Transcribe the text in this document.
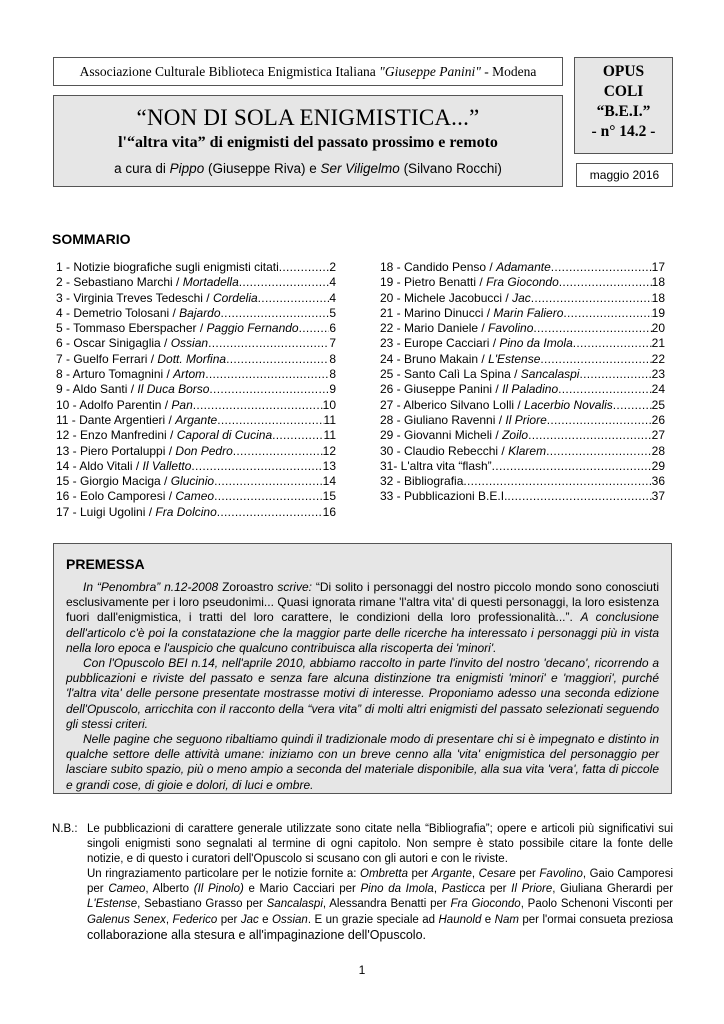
Associazione Culturale Biblioteca Enigmistica Italiana "Giuseppe Panini" - Modena
“NON DI SOLA ENIGMISTICA...”
l'“altra vita” di enigmisti del passato prossimo e remoto
a cura di Pippo (Giuseppe Riva) e Ser Viligelmo (Silvano Rocchi)
OPUS
COLI
“B.E.I.”
- n° 14.2 -
maggio 2016
SOMMARIO
1 - Notizie biografiche sugli enigmisti citati .....	2
2 - Sebastiano Marchi / Mortadella .....	4
3 - Virginia Treves Tedeschi / Cordelia .....	4
4 - Demetrio Tolosani / Bajardo .....	5
5 - Tommaso Eberspacher / Paggio Fernando .....	6
6 - Oscar Sinigaglia / Ossian .....	7
7 - Guelfo Ferrari / Dott. Morfina .....	8
8 - Arturo Tomagnini / Artom .....	8
9 - Aldo Santi / Il Duca Borso .....	9
10 - Adolfo Parentin / Pan .....	10
11 - Dante Argentieri / Argante .....	11
12 - Enzo Manfredini / Caporal di Cucina .....	11
13 - Piero Portaluppi / Don Pedro .....	12
14 - Aldo Vitali / Il Valletto .....	13
15 - Giorgio Maciga / Glucinio .....	14
16 - Eolo Camporesi / Cameo .....	15
17 - Luigi Ugolini / Fra Dolcino .....	16
18 - Candido Penso / Adamante .....	17
19 - Pietro Benatti / Fra Giocondo .....	18
20 - Michele Jacobucci / Jac .....	18
21 - Marino Dinucci / Marin Faliero .....	19
22 - Mario Daniele / Favolino .....	20
23 - Europe Cacciari / Pino da Imola .....	21
24 - Bruno Makain / L'Estense .....	22
25 - Santo Calì La Spina / Sancalaspi .....	23
26 - Giuseppe Panini / Il Paladino .....	24
27 - Alberico Silvano Lolli / Lacerbio Novalis .....	25
28 - Giuliano Ravenni / Il Priore .....	26
29 - Giovanni Micheli / Zoilo .....	27
30 - Claudio Rebecchi / Klarem .....	28
31- L'altra vita “flash” .....	29
32 - Bibliografia .....	36
33 - Pubblicazioni B.E.I. .....	37
PREMESSA

In “Penombra” n.12-2008 Zoroastro scrive: “Di solito i personaggi del nostro piccolo mondo sono conosciuti esclusivamente per i loro pseudonimi... Quasi ignorata rimane 'l'altra vita' di questi personaggi, la loro esistenza fuori dall'enigmistica, i tratti del loro carattere, le condizioni della loro professionalità...”. A conclusione dell'articolo c'è poi la constatazione che la maggior parte delle ricerche ha interessato i personaggi più in vista nella loro epoca e l'auspicio che qualcuno contribuisca alla riscoperta dei 'minori'.

Con l'Opuscolo BEI n.14, nell'aprile 2010, abbiamo raccolto in parte l'invito del nostro 'decano', ricorrendo a pubblicazioni e riviste del passato e senza fare alcuna distinzione tra enigmisti 'minori' e 'maggiori', purché 'l'altra vita' delle persone presentate mostrasse motivi di interesse. Proponiamo adesso una seconda edizione dell'Opuscolo, arricchita con il racconto della “vera vita” di molti altri enigmisti del passato selezionati seguendo gli stessi criteri.

Nelle pagine che seguono ribaltiamo quindi il tradizionale modo di presentare chi si è impegnato e distinto in qualche settore delle attività umane: iniziamo con un breve cenno alla 'vita' enigmistica del personaggio per lasciare subito spazio, più o meno ampio a seconda del materiale disponibile, alla sua vita 'vera', fatta di piccole e grandi cose, di gioie e dolori, di luci e ombre.

N.B.: Le pubblicazioni di carattere generale utilizzate sono citate nella “Bibliografia”; opere e articoli più significativi sui singoli enigmisti sono segnalati al termine di ogni capitolo. Non sempre è stato possibile citare la fonte delle notizie, e di questo i curatori dell'Opuscolo si scusano con gli autori e con le riviste.

Un ringraziamento particolare per le notizie fornite a: Ombretta per Argante, Cesare per Favolino, Gaio Camporesi per Cameo, Alberto (Il Pinolo) e Mario Cacciari per Pino da Imola, Pasticca per Il Priore, Giuliana Gherardi per L'Estense, Sebastiano Grasso per Sancalaspi, Alessandra Benatti per Fra Giocondo, Paolo Schenoni Visconti per Galenus Senex, Federico per Jac e Ossian. E un grazie speciale ad Haunold e Nam per l'ormai consueta preziosa collaborazione alla stesura e all'impaginazione dell'Opuscolo.

1
